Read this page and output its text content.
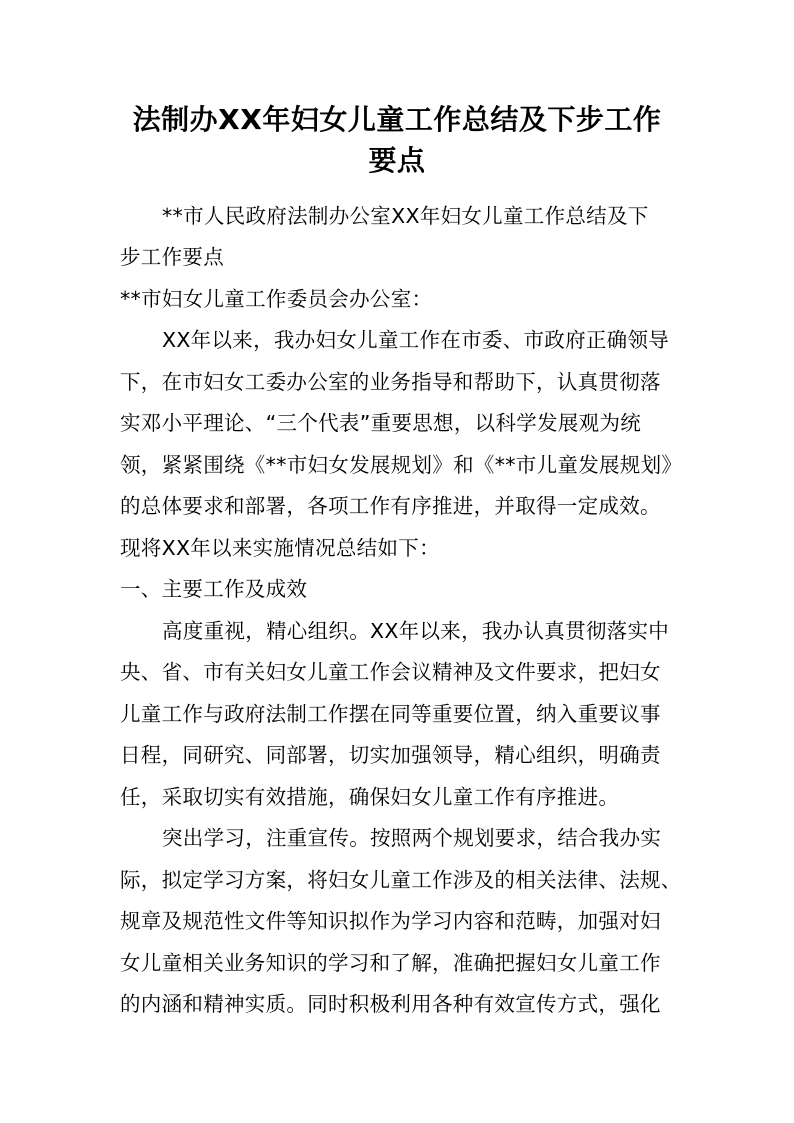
法制办XX年妇女儿童工作总结及下步工作
要点
**市人民政府法制办公室XX年妇女儿童工作总结及下
步工作要点
**市妇女儿童工作委员会办公室：
XX年以来，我办妇女儿童工作在市委、市政府正确领导
下，在市妇女工委办公室的业务指导和帮助下，认真贯彻落
实邓小平理论、“三个代表”重要思想，以科学发展观为统
领，紧紧围绕《**市妇女发展规划》和《**市儿童发展规划》
的总体要求和部署，各项工作有序推进，并取得一定成效。
现将XX年以来实施情况总结如下：
一、主要工作及成效
高度重视，精心组织。XX年以来，我办认真贯彻落实中
央、省、市有关妇女儿童工作会议精神及文件要求，把妇女
儿童工作与政府法制工作摆在同等重要位置，纳入重要议事
日程，同研究、同部署，切实加强领导，精心组织，明确责
任，采取切实有效措施，确保妇女儿童工作有序推进。
突出学习，注重宣传。按照两个规划要求，结合我办实
际，拟定学习方案，将妇女儿童工作涉及的相关法律、法规、
规章及规范性文件等知识拟作为学习内容和范畴，加强对妇
女儿童相关业务知识的学习和了解，准确把握妇女儿童工作
的内涵和精神实质。同时积极利用各种有效宣传方式，强化
